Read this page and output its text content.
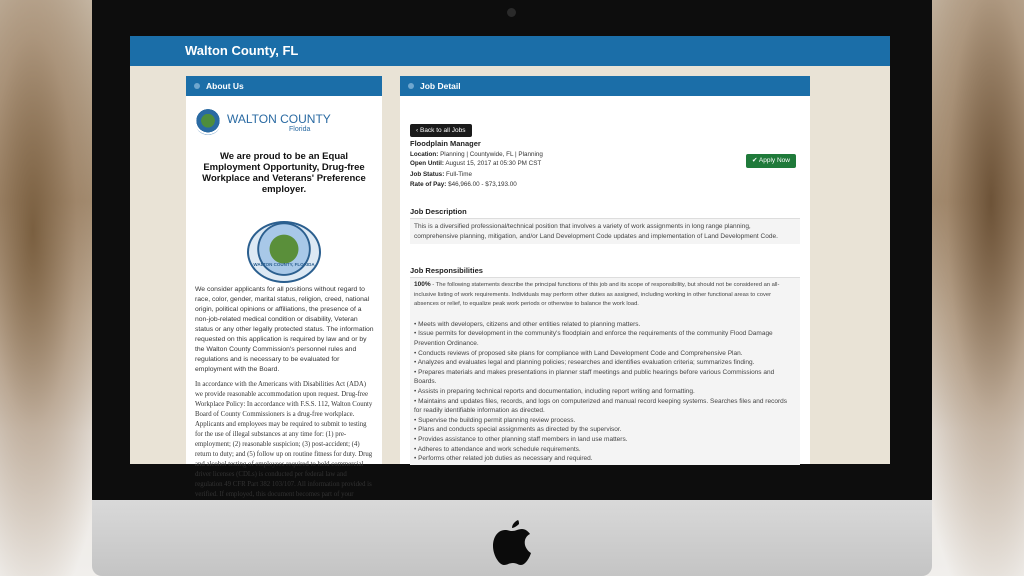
Walton County, FL
About Us
WALTON COUNTY
Florida
We are proud to be an Equal Employment Opportunity, Drug-free Workplace and Veterans' Preference employer.
WALTON COUNTY, FLORIDA
We consider applicants for all positions without regard to race, color, gender, marital status, religion, creed, national origin, political opinions or affiliations, the presence of a non-job-related medical condition or disability, Veteran status or any other legally protected status. The information requested on this application is required by law and or by the Walton County Commission's personnel rules and regulations and is necessary to be evaluated for employment with the Board.
In accordance with the Americans with Disabilities Act (ADA) we provide reasonable accommodation upon request. Drug-free Workplace Policy: In accordance with F.S.S. 112, Walton County Board of County Commissioners is a drug-free workplace. Applicants and employees may be required to submit to testing for the use of illegal substances at any time for: (1) pre-employment; (2) reasonable suspicion; (3) post-accident; (4) return to duty; and (5) follow up on routine fitness for duty. Drug and alcohol testing of employees required to hold commercial driver licenses (CDLs) is conducted per federal law and regulation 49 CFR Part 382 103/107. All information provided is verified. If employed, this document becomes part of your
Job Detail
‹ Back to all Jobs
Floodplain Manager
Location: Planning | Countywide, FL | Planning
Open Until: August 15, 2017 at 05:30 PM CST
Job Status: Full-Time
Rate of Pay: $46,966.00 - $73,193.00
✔ Apply Now
Job Description
This is a diversified professional/technical position that involves a variety of work assignments in long range planning, comprehensive planning, mitigation, and/or Land Development Code updates and implementation of Land Development Code.
Job Responsibilities
100% - The following statements describe the principal functions of this job and its scope of responsibility, but should not be considered an all-inclusive listing of work requirements. Individuals may perform other duties as assigned, including working in other functional areas to cover absences or relief, to equalize peak work periods or otherwise to balance the work load.
• Meets with developers, citizens and other entities related to planning matters.
• Issue permits for development in the community's floodplain and enforce the requirements of the community Flood Damage Prevention Ordinance.
• Conducts reviews of proposed site plans for compliance with Land Development Code and Comprehensive Plan.
• Analyzes and evaluates legal and planning policies; researches and identifies evaluation criteria; summarizes finding.
• Prepares materials and makes presentations in planner staff meetings and public hearings before various Commissions and Boards.
• Assists in preparing technical reports and documentation, including report writing and formatting.
• Maintains and updates files, records, and logs on computerized and manual record keeping systems. Searches files and records for readily identifiable information as directed.
• Supervise the building permit planning review process.
• Plans and conducts special assignments as directed by the supervisor.
• Provides assistance to other planning staff members in land use matters.
• Adheres to attendance and work schedule requirements.
• Performs other related job duties as necessary and required.
